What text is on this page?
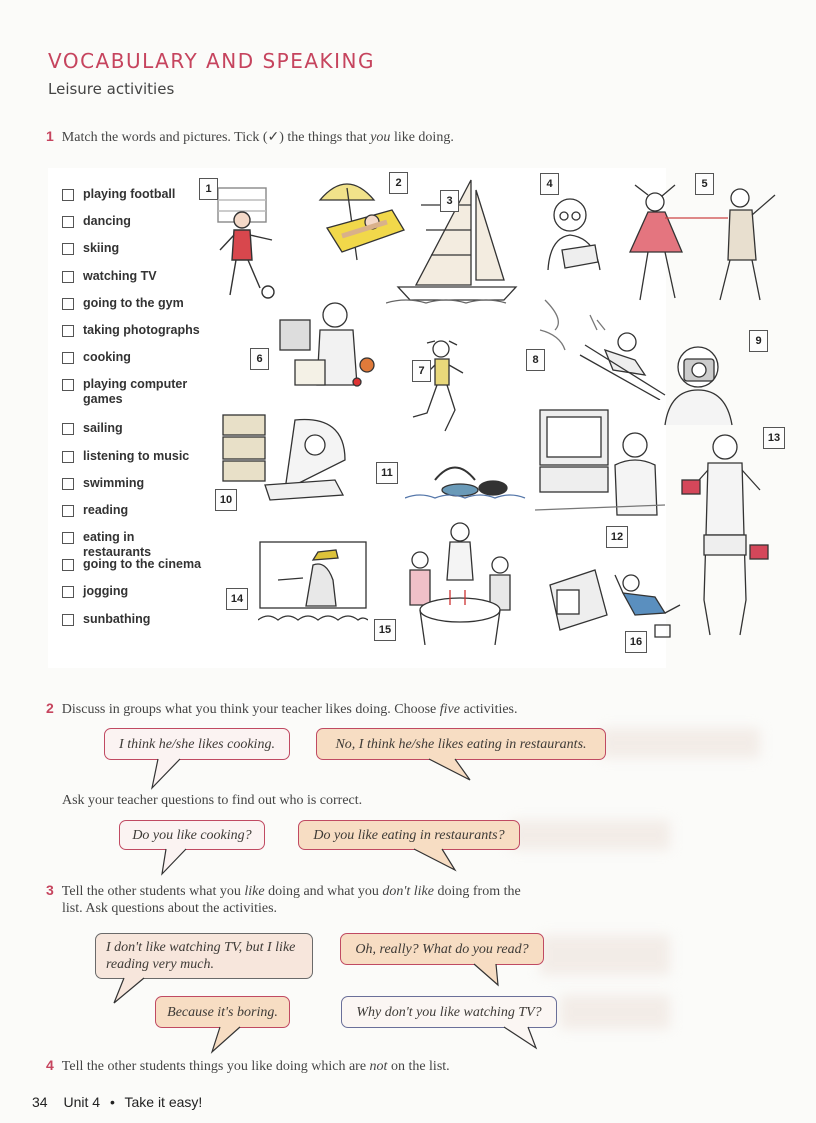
VOCABULARY AND SPEAKING
Leisure activities
1 Match the words and pictures. Tick (✓) the things that you like doing.
playing football
dancing
skiing
watching TV
going to the gym
taking photographs
cooking
playing computer games
sailing
listening to music
swimming
reading
eating in restaurants
going to the cinema
jogging
sunbathing
1	2
3
4	5
6
7
8
9
10
11
12
13
14
15
16
2 Discuss in groups what you think your teacher likes doing. Choose five activities.
I think he/she likes cooking.	No, I think he/she likes eating in restaurants.
Ask your teacher questions to find out who is correct.
Do you like cooking?	Do you like eating in restaurants?
3 Tell the other students what you like doing and what you don't like doing from the
list. Ask questions about the activities.
I don't like watching TV, but I like reading very much.
Oh, really? What do you read?
Because it's boring.	Why don't you like watching TV?
4 Tell the other students things you like doing which are not on the list.
34 Unit 4 • Take it easy!
